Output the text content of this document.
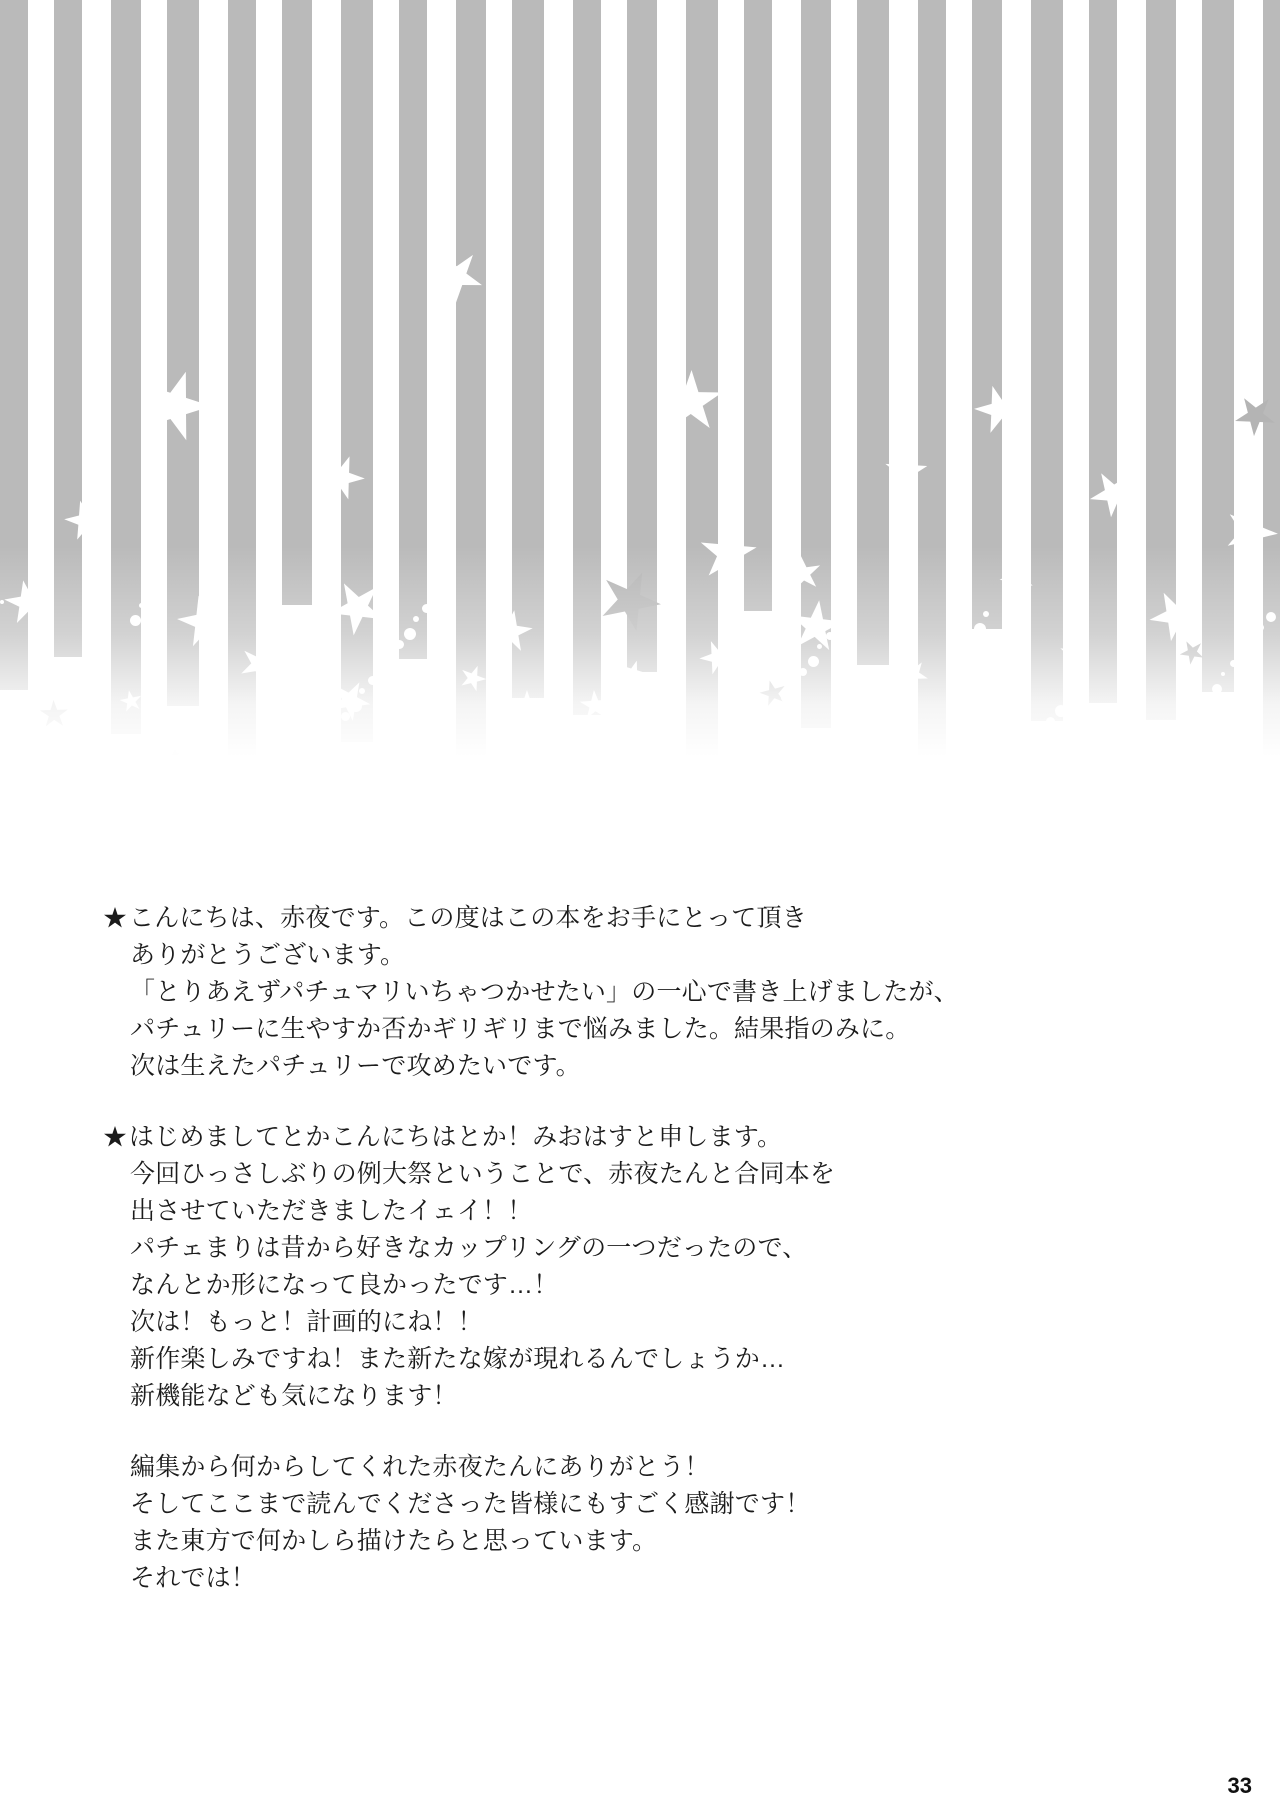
こんにちは、赤夜です。この度はこの本をお手にとって頂き
ありがとうございます。
「とりあえずパチュマリいちゃつかせたい」の一心で書き上げましたが、
パチュリーに生やすか否かギリギリまで悩みました。結果指のみに。
次は生えたパチュリーで攻めたいです。
はじめましてとかこんにちはとか！みおはすと申します。
今回ひっさしぶりの例大祭ということで、赤夜たんと合同本を
出させていただきましたイェイ！！
パチェまりは昔から好きなカップリングの一つだったので、
なんとか形になって良かったです…！
次は！もっと！計画的にね！！
新作楽しみですね！また新たな嫁が現れるんでしょうか…
新機能なども気になります！
編集から何からしてくれた赤夜たんにありがとう！
そしてここまで読んでくださった皆様にもすごく感謝です！
また東方で何かしら描けたらと思っています。
それでは！
33
